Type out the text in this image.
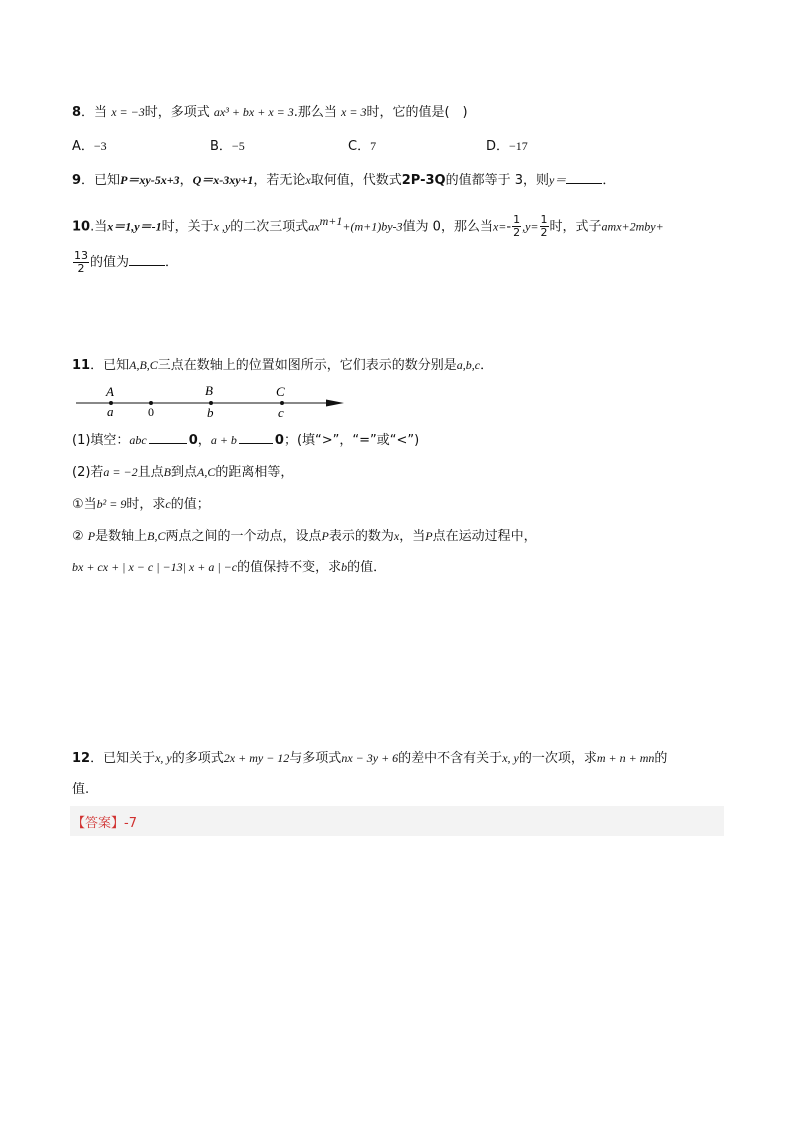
8．当 x = −3时，多项式 ax³ + bx + x = 3.那么当 x = 3时，它的值是(　)
A．−3	B．−5	C．7	D．−17
9．已知P＝xy-5x+3，Q＝x-3xy+1，若无论x取何值，代数式2P-3Q的值都等于 3，则y＝	．
10.当x＝1,y＝-1时，关于x ,y的二次三项式$ax^{m+1}+(m+1)by-3$值为 0，那么当$x=- \frac{1}{2} ,y= \frac{1}{2}$ 时，式子amx+2mby+
$\frac{13}{2}$ 的值为	．
11．已知A,B,C三点在数轴上的位置如图所示，它们表示的数分别是a,b,c．
A	B	C
a	0	b	c
(1)填空：abc	0，a + b	0；(填“>”，“=”或“<”)
(2)若a = −2且点B到点A,C的距离相等，
①当b² = 9时，求c的值；
② P是数轴上B,C两点之间的一个动点，设点P表示的数为x，当P点在运动过程中，
bx + cx + | x − c | −13| x + a | −c的值保持不变，求b的值．
12．已知关于x, y的多项式2x + my − 12与多项式nx − 3y + 6的差中不含有关于x, y的一次项，求m + n + mn的
值.
【答案】-7
